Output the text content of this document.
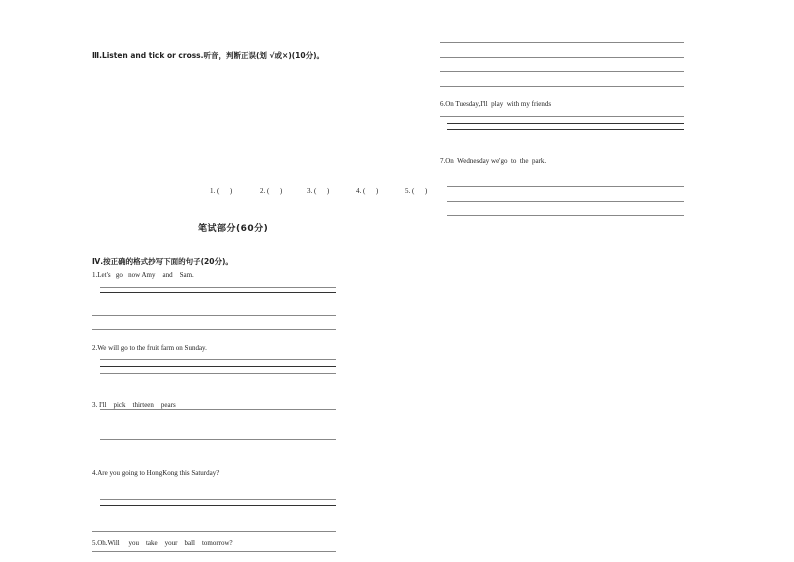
Ⅲ.Listen and tick or cross.听音，判断正误(划 √或×)(10分)。
1. (      )	2. (      )	3. (      )	4. (      )	5. (      )
笔试部分(60分)
Ⅳ.按正确的格式抄写下面的句子(20分)。
1.Let's   go   now Amy    and    Sam.
2.We will go to the fruit farm on Sunday.
3. I'll    pick    thirteen    pears
4.Are you going to HongKong this Saturday?
5.Oh.Will     you    take    your    ball    tomorrow?
6.On Tuesday,I'll  play  with my friends
7.On  Wednesday we'go  to  the  park.
